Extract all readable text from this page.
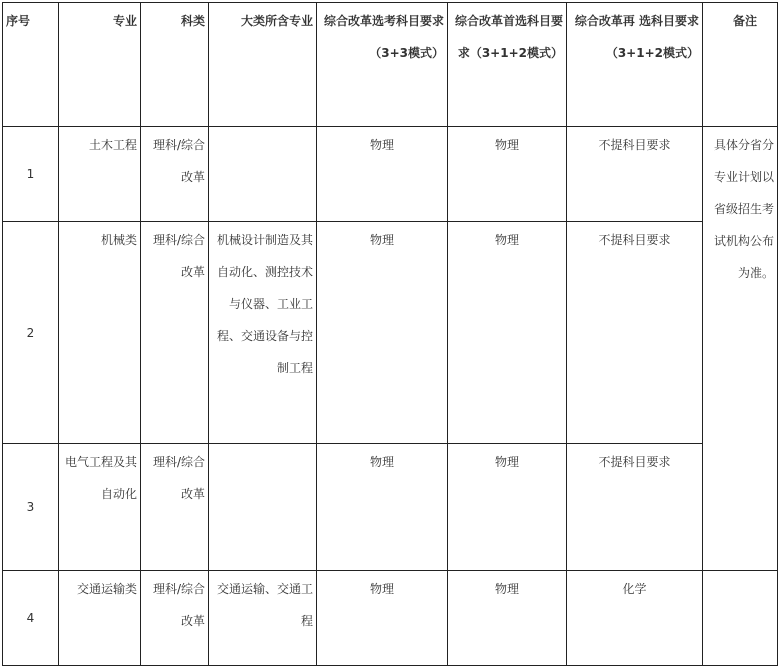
序号	专业	科类	大类所含专业	综合改革选考科目要求（3+3模式）	综合改革首选科目要求（3+1+2模式）	综合改革再 选科目要求（3+1+2模式）	备注
1	土木工程	理科/综合改革		物理	物理	不提科目要求	具体分省分专业计划以省级招生考试机构公布为准。
2	机械类	理科/综合改革	机械设计制造及其自动化、测控技术与仪器、工业工程、交通设备与控制工程	物理	物理	不提科目要求	
3	电气工程及其自动化	理科/综合改革		物理	物理	不提科目要求	
4	交通运输类	理科/综合改革	交通运输、交通工程	物理	物理	化学	
